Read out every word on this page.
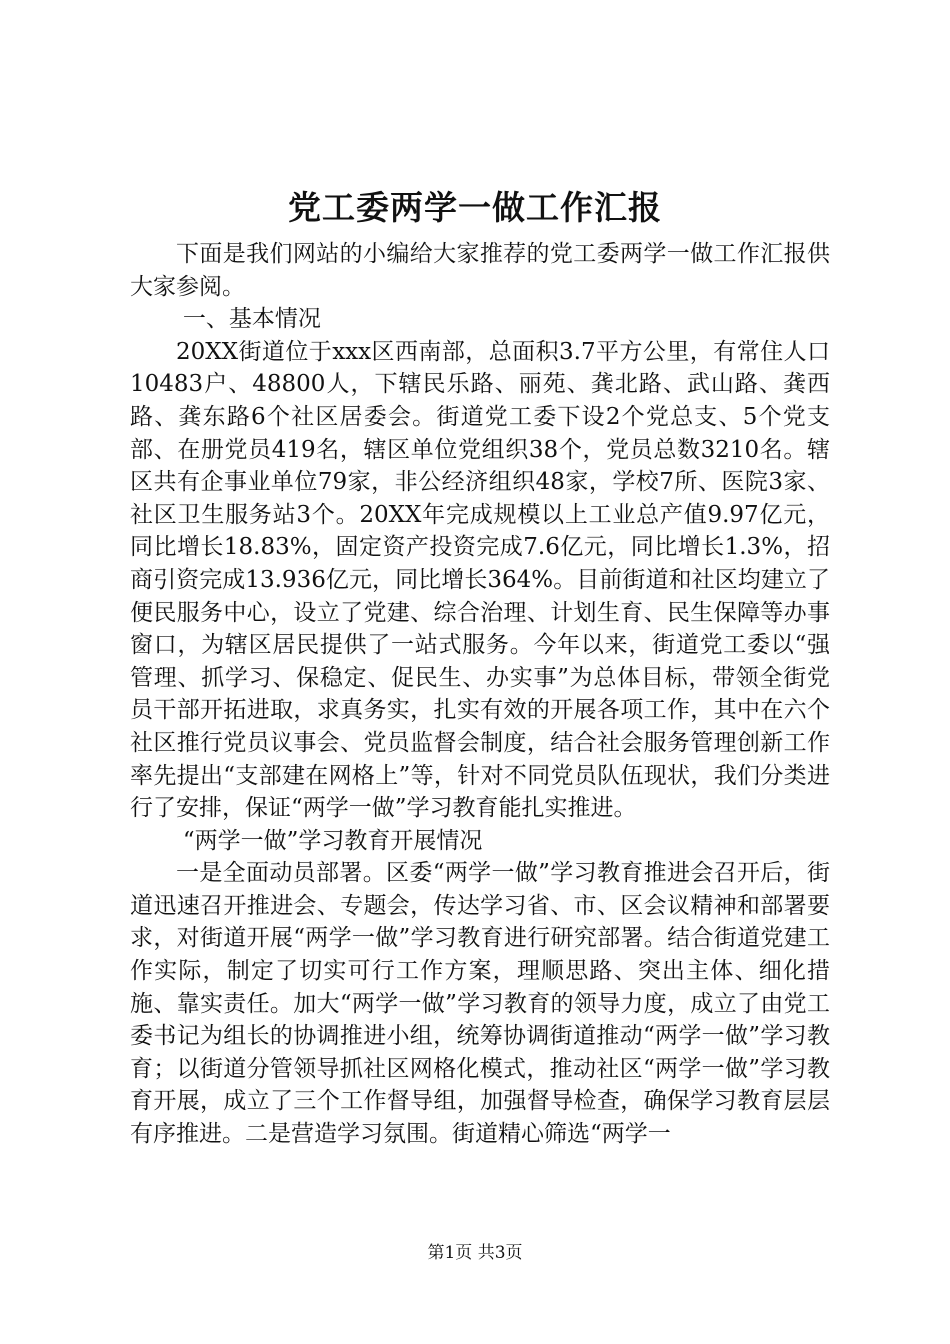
党工委两学一做工作汇报

下面是我们网站的小编给大家推荐的党工委两学一做工作汇报供大家参阅。

一、基本情况

20XX街道位于xxx区西南部，总面积3.7平方公里，有常住人口10483户、48800人，下辖民乐路、丽苑、龚北路、武山路、龚西路、龚东路6个社区居委会。街道党工委下设2个党总支、5个党支部、在册党员419名，辖区单位党组织38个，党员总数3210名。辖区共有企事业单位79家，非公经济组织48家，学校7所、医院3家、社区卫生服务站3个。20XX年完成规模以上工业总产值9.97亿元，同比增长18.83%，固定资产投资完成7.6亿元，同比增长1.3%，招商引资完成13.936亿元，同比增长364%。目前街道和社区均建立了便民服务中心，设立了党建、综合治理、计划生育、民生保障等办事窗口，为辖区居民提供了一站式服务。今年以来，街道党工委以“强管理、抓学习、保稳定、促民生、办实事”为总体目标，带领全街党员干部开拓进取，求真务实，扎实有效的开展各项工作，其中在六个社区推行党员议事会、党员监督会制度，结合社会服务管理创新工作率先提出“支部建在网格上”等，针对不同党员队伍现状，我们分类进行了安排，保证“两学一做”学习教育能扎实推进。

“两学一做”学习教育开展情况

一是全面动员部署。区委“两学一做”学习教育推进会召开后，街道迅速召开推进会、专题会，传达学习省、市、区会议精神和部署要求，对街道开展“两学一做”学习教育进行研究部署。结合街道党建工作实际，制定了切实可行工作方案，理顺思路、突出主体、细化措施、靠实责任。加大“两学一做”学习教育的领导力度，成立了由党工委书记为组长的协调推进小组，统筹协调街道推动“两学一做”学习教育；以街道分管领导抓社区网格化模式，推动社区“两学一做”学习教育开展，成立了三个工作督导组，加强督导检查，确保学习教育层层有序推进。二是营造学习氛围。街道精心筛选“两学一

第1页 共3页
